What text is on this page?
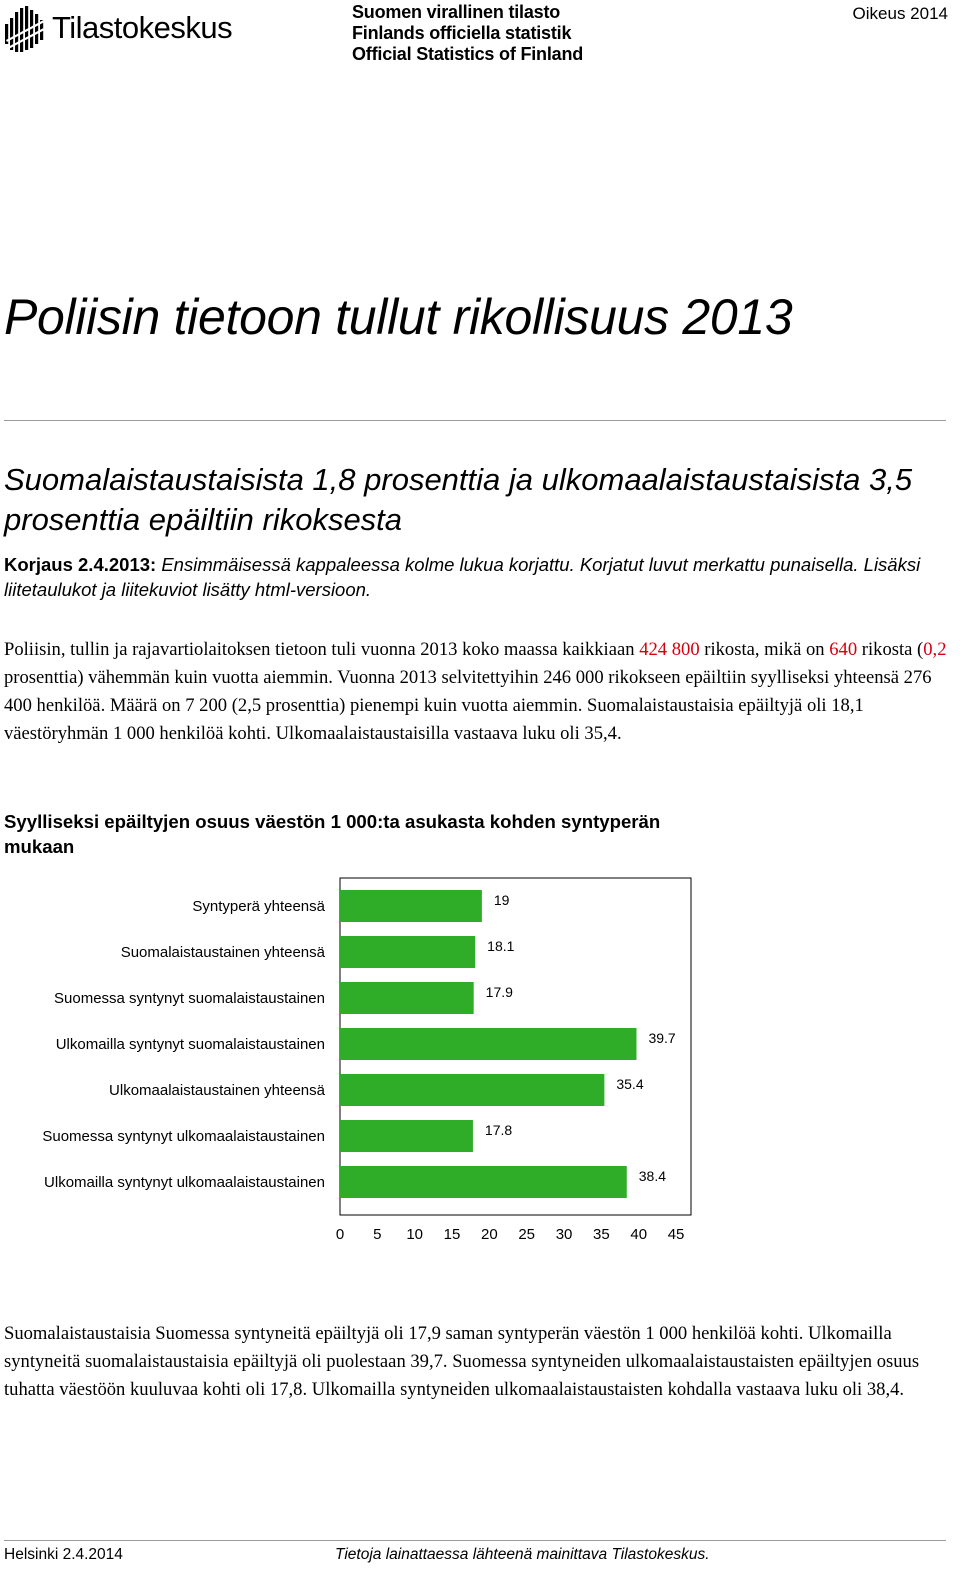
Tilastokeskus	Suomen virallinen tilasto
Finlands officiella statistik
Official Statistics of Finland
Oikeus 2014
Poliisin tietoon tullut rikollisuus 2013
Suomalaistaustaisista 1,8 prosenttia ja ulkomaalaistaustaisista 3,5 prosenttia epäiltiin rikoksesta
Korjaus 2.4.2013: Ensimmäisessä kappaleessa kolme lukua korjattu. Korjatut luvut merkattu punaisella. Lisäksi liitetaulukot ja liitekuviot lisätty html-versioon.
Poliisin, tullin ja rajavartiolaitoksen tietoon tuli vuonna 2013 koko maassa kaikkiaan 424 800 rikosta, mikä on 640 rikosta (0,2 prosenttia) vähemmän kuin vuotta aiemmin. Vuonna 2013 selvitettyihin 246 000 rikokseen epäiltiin syylliseksi yhteensä 276 400 henkilöä. Määrä on 7 200 (2,5 prosenttia) pienempi kuin vuotta aiemmin. Suomalaistaustaisia epäiltyjä oli 18,1 väestöryhmän 1 000 henkilöä kohti. Ulkomaalaistaustaisilla vastaava luku oli 35,4.
Syylliseksi epäiltyjen osuus väestön 1 000:ta asukasta kohden syntyperän mukaan
Syntyperä yhteensä	19
Suomalaistaustainen yhteensä	18.1
Suomessa syntynyt suomalaistaustainen	17.9
Ulkomailla syntynyt suomalaistaustainen	39.7
Ulkomaalaistaustainen yhteensä	35.4
Suomessa syntynyt ulkomaalaistaustainen	17.8
Ulkomailla syntynyt ulkomaalaistaustainen	38.4
0 5 10 15 20 25 30 35 40 45
Suomalaistaustaisia Suomessa syntyneitä epäiltyjä oli 17,9 saman syntyperän väestön 1 000 henkilöä kohti. Ulkomailla syntyneitä suomalaistaustaisia epäiltyjä oli puolestaan 39,7. Suomessa syntyneiden ulkomaalaistaustaisten epäiltyjen osuus tuhatta väestöön kuuluvaa kohti oli 17,8. Ulkomailla syntyneiden ulkomaalaistaustaisten kohdalla vastaava luku oli 38,4.
Helsinki 2.4.2014	Tietoja lainattaessa lähteenä mainittava Tilastokeskus.
